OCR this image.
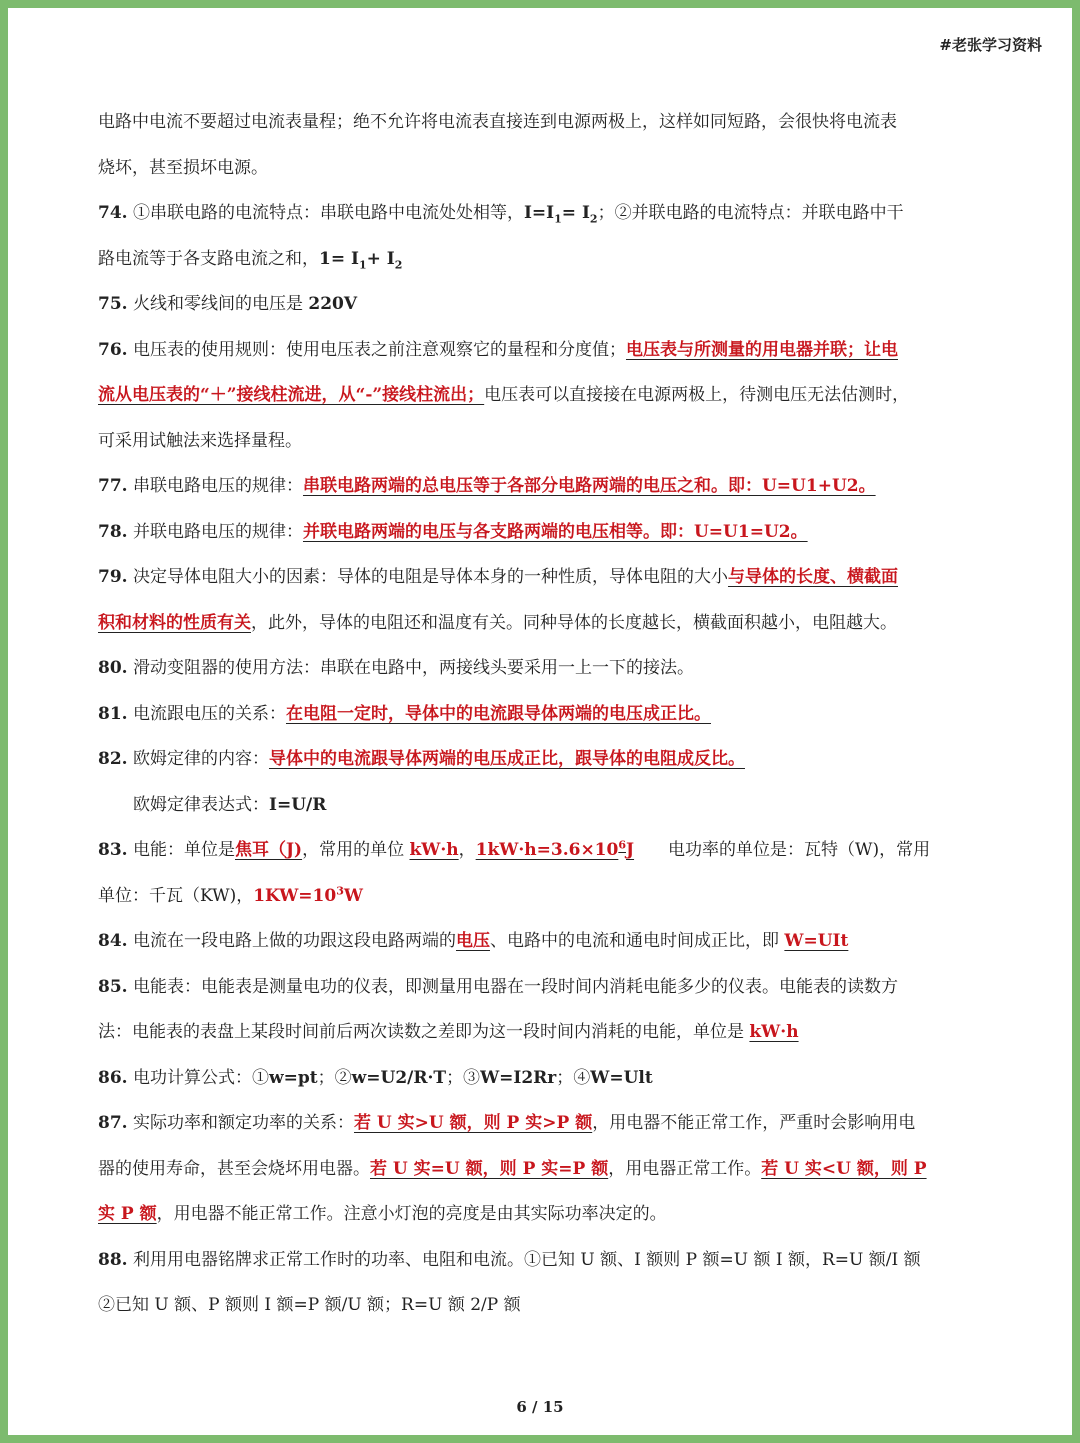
#老张学习资料
电路中电流不要超过电流表量程；绝不允许将电流表直接连到电源两极上，这样如同短路，会很快将电流表
烧坏，甚至损坏电源。
74. ①串联电路的电流特点：串联电路中电流处处相等，$I=I_1= I_2$；②并联电路的电流特点：并联电路中干
路电流等于各支路电流之和，$1= I_1+ I_2$
75. 火线和零线间的电压是 220V
76. 电压表的使用规则：使用电压表之前注意观察它的量程和分度值；电压表与所测量的用电器并联；让电
流从电压表的“＋”接线柱流进，从“-”接线柱流出；电压表可以直接接在电源两极上，待测电压无法估测时，
可采用试触法来选择量程。
77. 串联电路电压的规律：串联电路两端的总电压等于各部分电路两端的电压之和。即：U=U1+U2。
78. 并联电路电压的规律：并联电路两端的电压与各支路两端的电压相等。即：U=U1=U2。
79. 决定导体电阻大小的因素：导体的电阻是导体本身的一种性质，导体电阻的大小与导体的长度、横截面
积和材料的性质有关，此外，导体的电阻还和温度有关。同种导体的长度越长，横截面积越小，电阻越大。
80. 滑动变阻器的使用方法：串联在电路中，两接线头要采用一上一下的接法。
81. 电流跟电压的关系：在电阻一定时，导体中的电流跟导体两端的电压成正比。
82. 欧姆定律的内容：导体中的电流跟导体两端的电压成正比，跟导体的电阻成反比。
欧姆定律表达式：I=U/R
83. 电能：单位是焦耳（J)，常用的单位 kW·h，$1kW\cdot h=3.6\times 10^6J$　　电功率的单位是：瓦特（W)，常用
单位：千瓦（KW)，$1KW=10^3W$
84. 电流在一段电路上做的功跟这段电路两端的电压、电路中的电流和通电时间成正比，即 W=UIt
85. 电能表：电能表是测量电功的仪表，即测量用电器在一段时间内消耗电能多少的仪表。电能表的读数方
法：电能表的表盘上某段时间前后两次读数之差即为这一段时间内消耗的电能，单位是 kW·h
86. 电功计算公式：①w=pt；②w=U2/R·T；③W=I2Rr；④W=Ult
87. 实际功率和额定功率的关系：若 U 实>U 额，则 P 实>P 额，用电器不能正常工作，严重时会影响用电
器的使用寿命，甚至会烧坏用电器。若 U 实=U 额，则 P 实=P 额，用电器正常工作。若 U 实<U 额，则 P
实 P 额，用电器不能正常工作。注意小灯泡的亮度是由其实际功率决定的。
88. 利用用电器铭牌求正常工作时的功率、电阻和电流。①已知 U 额、I 额则 P 额=U 额 I 额，R=U 额/I 额
②已知 U 额、P 额则 I 额=P 额/U 额；R=U 额 2/P 额
6 / 15
